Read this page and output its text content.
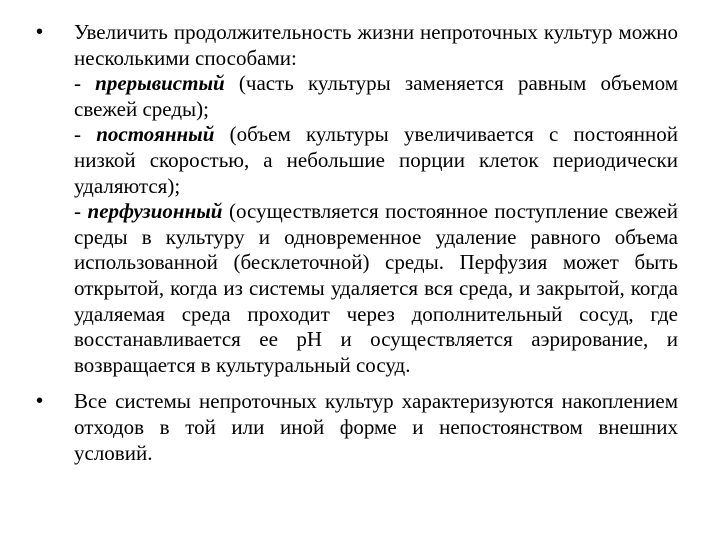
• Увеличить продолжительность жизни непроточных культур можно несколькими способами:
- прерывистый (часть культуры заменяется равным объемом свежей среды);
- постоянный (объем культуры увеличивается с постоянной низкой скоростью, а небольшие порции клеток периодически удаляются);
- перфузионный (осуществляется постоянное поступление свежей среды в культуру и одновременное удаление равного объема использованной (бесклеточной) среды. Перфузия может быть открытой, когда из системы удаляется вся среда, и закрытой, когда удаляемая среда проходит через дополнительный сосуд, где восстанавливается ее pH и осуществляется аэрирование, и возвращается в культуральный сосуд.
• Все системы непроточных культур характеризуются накоплением отходов в той или иной форме и непостоянством внешних условий.
